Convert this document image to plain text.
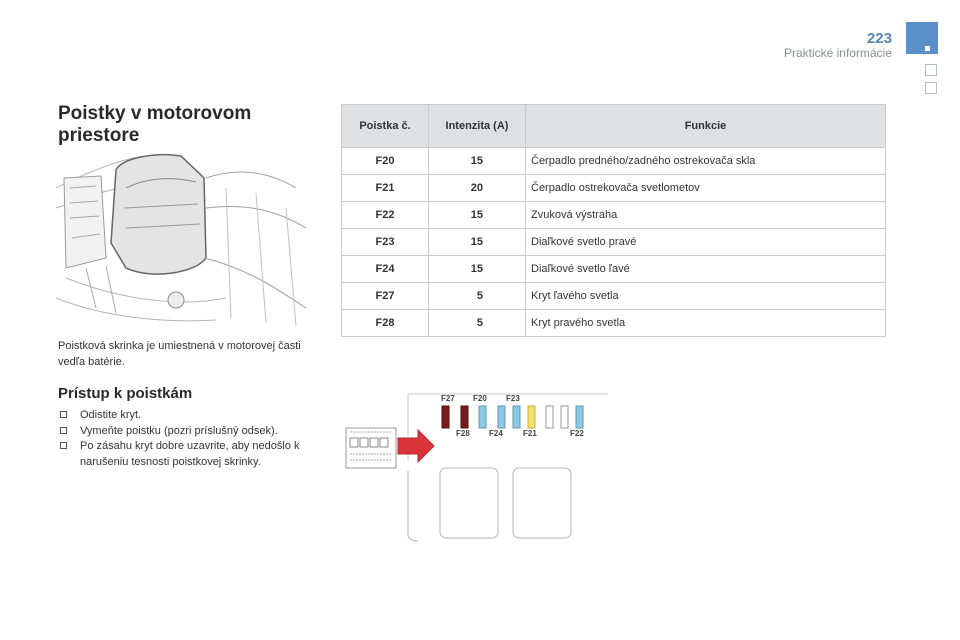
223
Praktické informácie
Poistky v motorovom
priestore
Poistková skrinka je umiestnená v motorovej časti vedľa batérie.
Prístup k poistkám
Odistite kryt.
Vymeňte poistku (pozri príslušný odsek).
Po zásahu kryt dobre uzavrite, aby nedošlo k narušeniu tesnosti poistkovej skrinky.
Poistka č.	Intenzita (A)	Funkcie
F20	15	Čerpadlo predného/zadného ostrekovača skla
F21	20	Čerpadlo ostrekovača svetlometov
F22	15	Zvuková výstraha
F23	15	Diaľkové svetlo pravé
F24	15	Diaľkové svetlo ľavé
F27	5	Kryt ľavého svetla
F28	5	Kryt pravého svetla
F27 F20 F23
F28 F24	F21	F22
